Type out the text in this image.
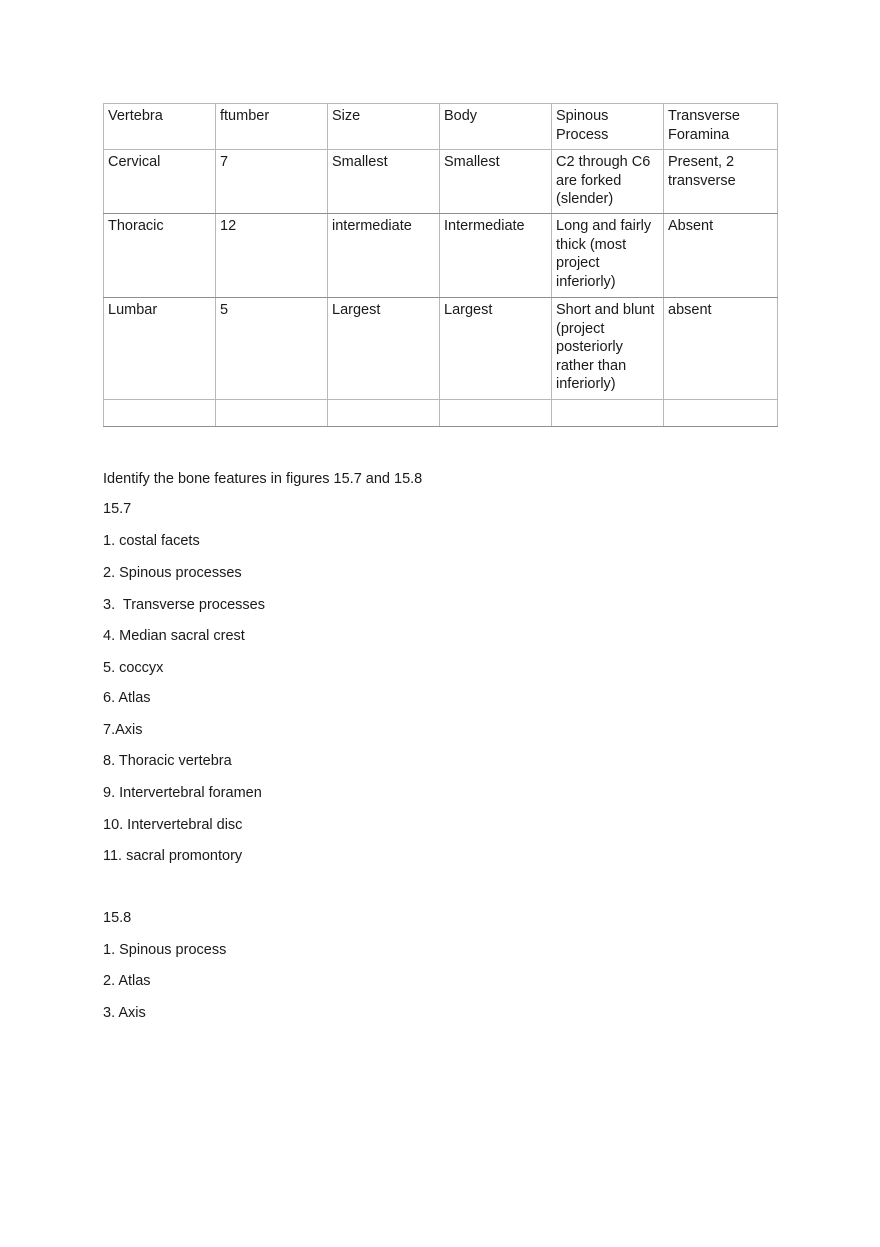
Vertebra	ftumber	Size	Body	Spinous Process	Transverse Foramina
Cervical	7	Smallest	Smallest	C2 through C6 are forked (slender)	Present, 2 transverse
Thoracic	12	intermediate	Intermediate	Long and fairly thick (most project inferiorly)	Absent
Lumbar	5	Largest	Largest	Short and blunt (project posteriorly rather than inferiorly)	absent

Identify the bone features in figures 15.7 and 15.8
15.7
1. costal facets
2. Spinous processes
3.  Transverse processes
4. Median sacral crest
5. coccyx
6. Atlas
7.Axis
8. Thoracic vertebra
9. Intervertebral foramen
10. Intervertebral disc
11. sacral promontory
15.8
1. Spinous process
2. Atlas
3. Axis
